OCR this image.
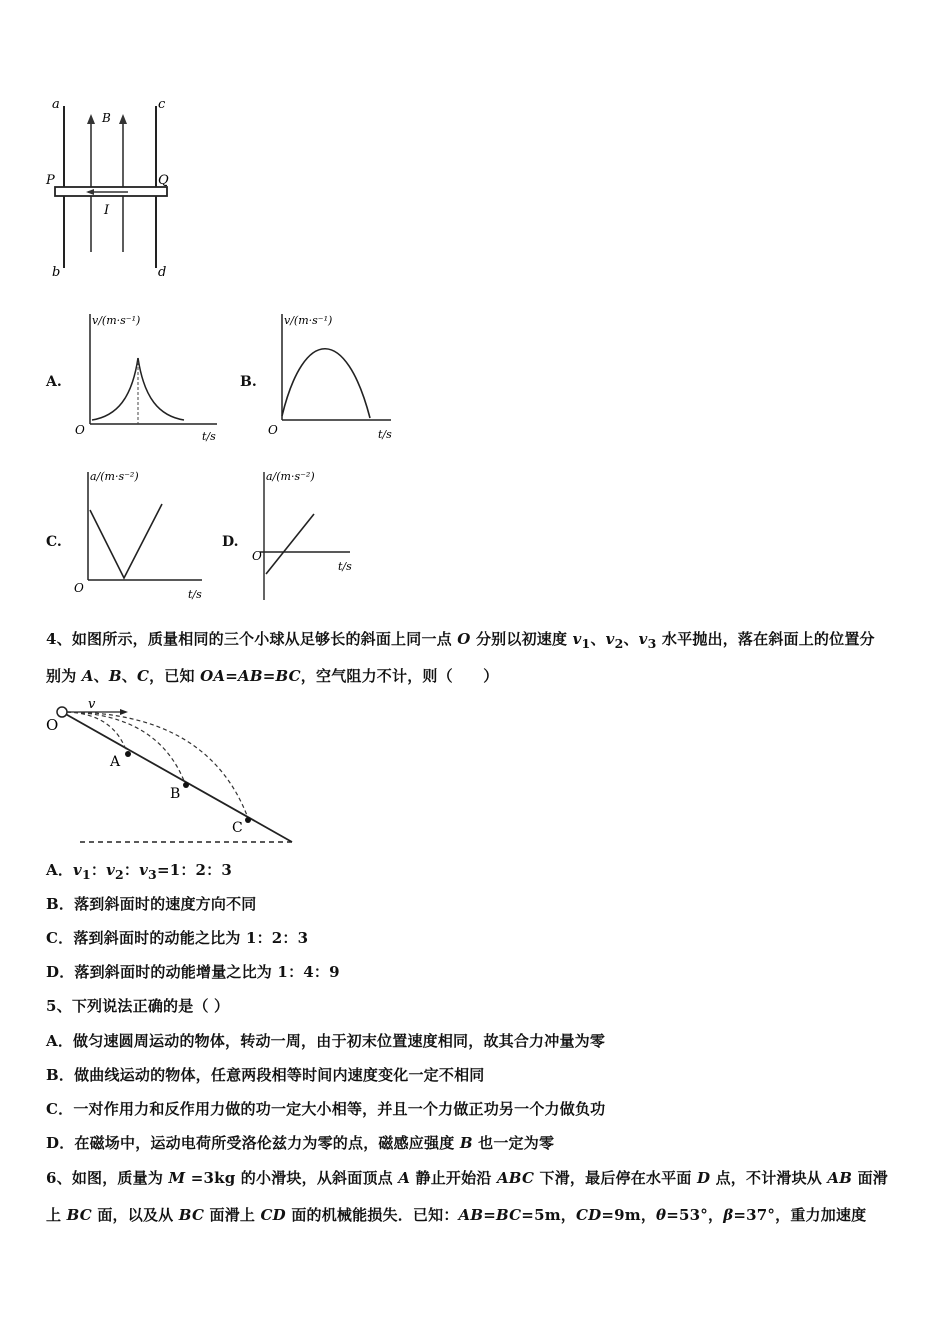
a
b
c
d
P	Q
B
I
A.
v/(m·s⁻¹)
O	t/s
B.
v/(m·s⁻¹)
O	t/s
C.
a/(m·s⁻²)
O	t/s
D.
a/(m·s⁻²)
O
t/s
4、如图所示，质量相同的三个小球从足够长的斜面上同一点 O 分别以初速度 $v_1$、$v_2$、$v_3$ 水平抛出，落在斜面上的位置分
别为 A、B、C，已知 OA=AB=BC，空气阻力不计，则（　　）
O
v
A
B
C
A．$v_1$：$v_2$：$v_3=1$：2：3
B．落到斜面时的速度方向不同
C．落到斜面时的动能之比为 1：2：3
D．落到斜面时的动能增量之比为 1：4：9
5、下列说法正确的是（ ）
A．做匀速圆周运动的物体，转动一周，由于初末位置速度相同，故其合力冲量为零
B．做曲线运动的物体，任意两段相等时间内速度变化一定不相同
C．一对作用力和反作用力做的功一定大小相等，并且一个力做正功另一个力做负功
D．在磁场中，运动电荷所受洛伦兹力为零的点，磁感应强度 B 也一定为零
6、如图，质量为 M =3kg 的小滑块，从斜面顶点 A 静止开始沿 ABC 下滑，最后停在水平面 D 点，不计滑块从 AB 面滑
上 BC 面，以及从 BC 面滑上 CD 面的机械能损失．已知：AB=BC=5m，CD=9m，θ=53°，β=37°，重力加速度
